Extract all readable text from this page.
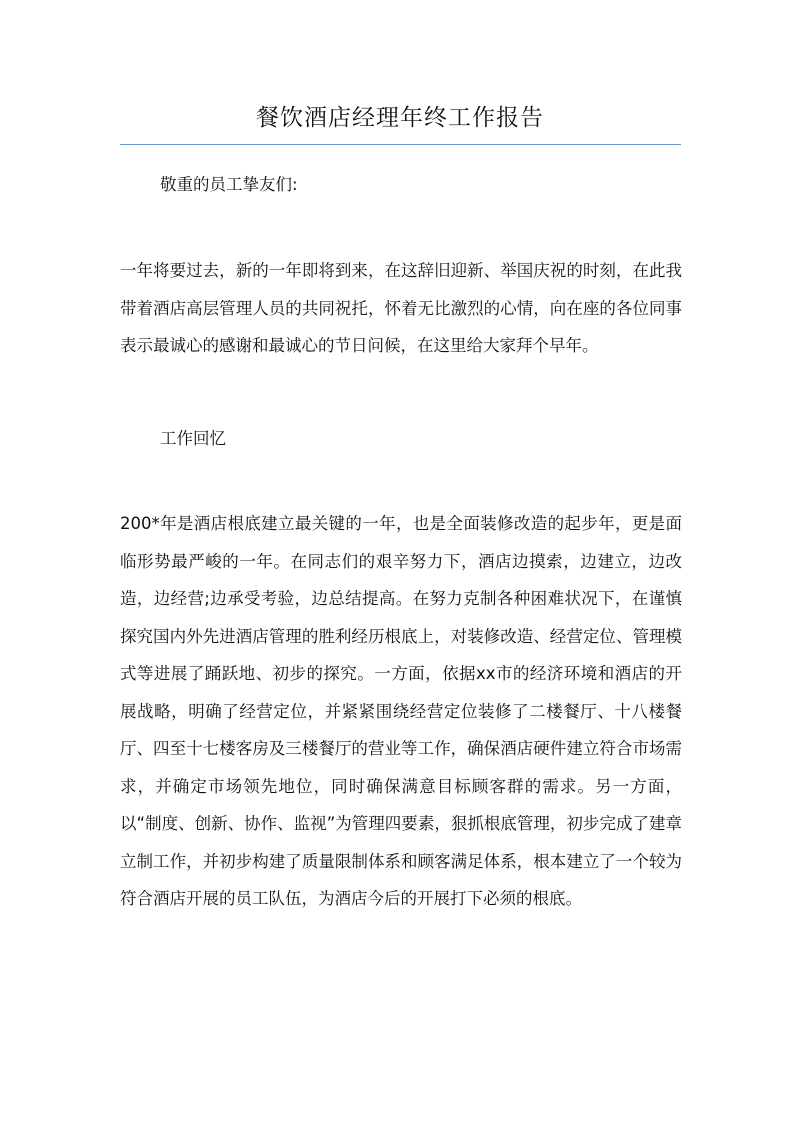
餐饮酒店经理年终工作报告

敬重的员工挚友们:

一年将要过去，新的一年即将到来，在这辞旧迎新、举国庆祝的时刻，在此我带着酒店高层管理人员的共同祝托，怀着无比激烈的心情，向在座的各位同事表示最诚心的感谢和最诚心的节日问候，在这里给大家拜个早年。

工作回忆

200*年是酒店根底建立最关键的一年，也是全面装修改造的起步年，更是面临形势最严峻的一年。在同志们的艰辛努力下，酒店边摸索，边建立，边改造，边经营;边承受考验，边总结提高。在努力克制各种困难状况下，在谨慎探究国内外先进酒店管理的胜利经历根底上，对装修改造、经营定位、管理模式等进展了踊跃地、初步的探究。一方面，依据xx市的经济环境和酒店的开展战略，明确了经营定位，并紧紧围绕经营定位装修了二楼餐厅、十八楼餐厅、四至十七楼客房及三楼餐厅的营业等工作，确保酒店硬件建立符合市场需求，并确定市场领先地位，同时确保满意目标顾客群的需求。另一方面，以“制度、创新、协作、监视”为管理四要素，狠抓根底管理，初步完成了建章立制工作，并初步构建了质量限制体系和顾客满足体系，根本建立了一个较为符合酒店开展的员工队伍，为酒店今后的开展打下必须的根底。
